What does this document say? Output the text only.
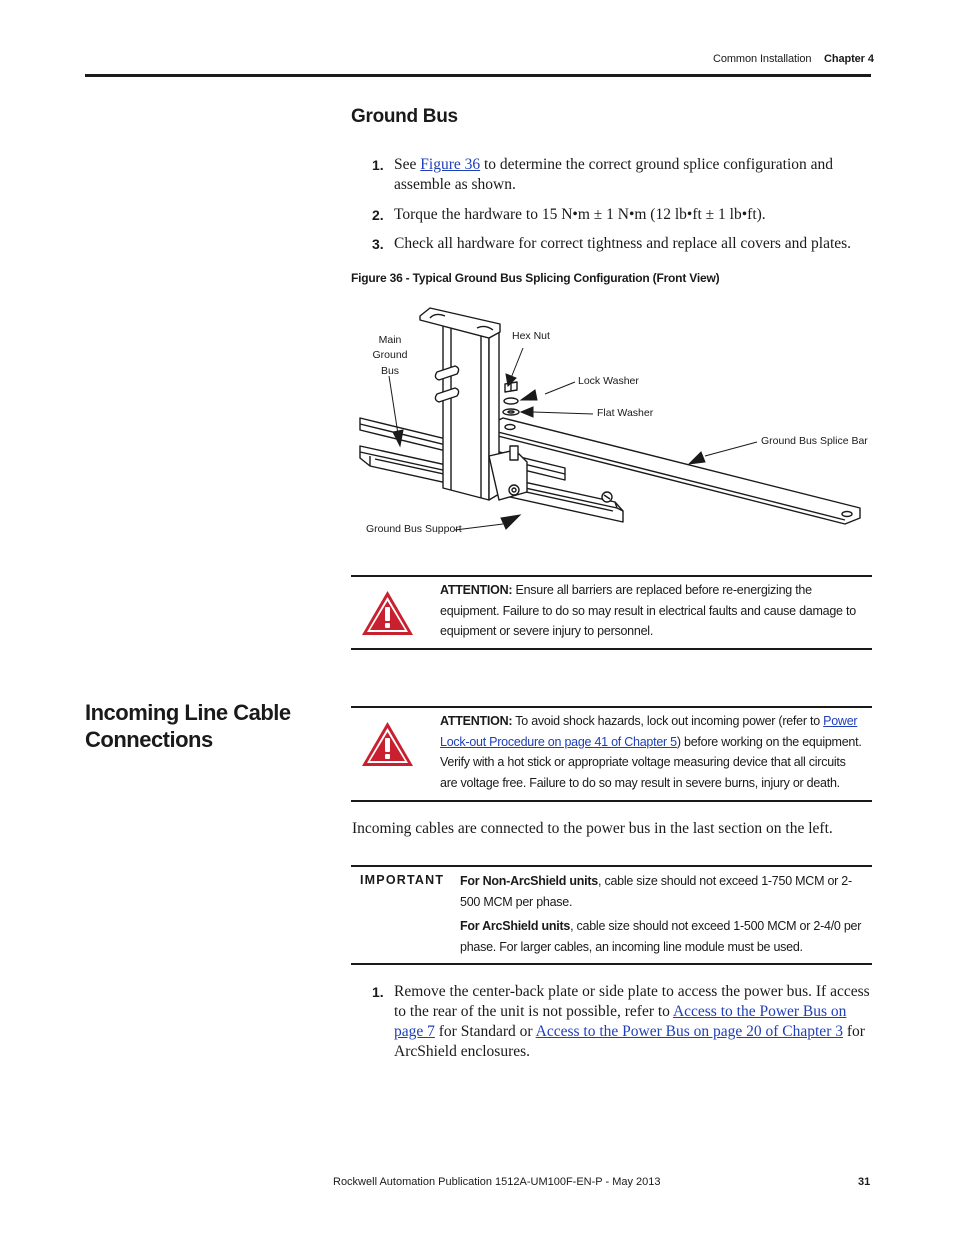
Common Installation Chapter 4
Ground Bus
1. See Figure 36 to determine the correct ground splice configuration and assemble as shown.
2. Torque the hardware to 15 N•m ± 1 N•m (12 lb•ft ± 1 lb•ft).
3. Check all hardware for correct tightness and replace all covers and plates.
Figure 36 - Typical Ground Bus Splicing Configuration (Front View)
Main
Ground
Bus
Hex Nut
Lock Washer
Flat Washer
Ground Bus Splice Bar
Ground Bus Support
ATTENTION: Ensure all barriers are replaced before re-energizing the equipment. Failure to do so may result in electrical faults and cause damage to equipment or severe injury to personnel.
Incoming Line Cable
Connections
ATTENTION: To avoid shock hazards, lock out incoming power (refer to Power Lock-out Procedure on page 41 of Chapter 5) before working on the equipment. Verify with a hot stick or appropriate voltage measuring device that all circuits are voltage free. Failure to do so may result in severe burns, injury or death.
Incoming cables are connected to the power bus in the last section on the left.
IMPORTANT For Non-ArcShield units, cable size should not exceed 1-750 MCM or 2-500 MCM per phase.
For ArcShield units, cable size should not exceed 1-500 MCM or 2-4/0 per phase. For larger cables, an incoming line module must be used.
1. Remove the center-back plate or side plate to access the power bus. If access to the rear of the unit is not possible, refer to Access to the Power Bus on page 7 for Standard or Access to the Power Bus on page 20 of Chapter 3 for ArcShield enclosures.
Rockwell Automation Publication 1512A-UM100F-EN-P - May 2013	31
